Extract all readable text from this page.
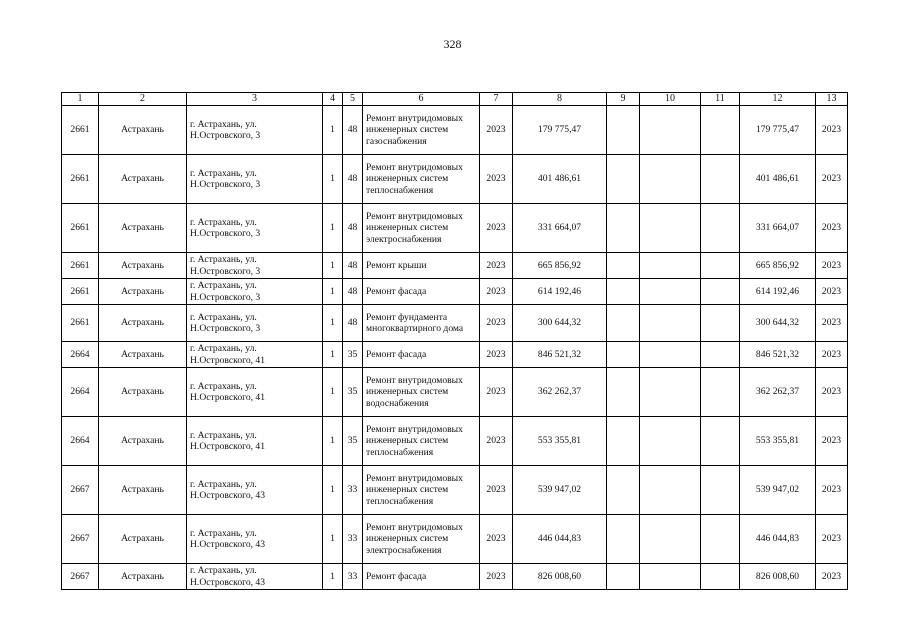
328
1	2	3	4	5	6	7	8	9	10	11	12	13
2661	Астрахань	г. Астрахань, ул. Н.Островского, 3	1	48	Ремонт внутридомовых инженерных систем газоснабжения	2023	179 775,47				179 775,47	2023
2661	Астрахань	г. Астрахань, ул. Н.Островского, 3	1	48	Ремонт внутридомовых инженерных систем теплоснабжения	2023	401 486,61				401 486,61	2023
2661	Астрахань	г. Астрахань, ул. Н.Островского, 3	1	48	Ремонт внутридомовых инженерных систем электроснабжения	2023	331 664,07				331 664,07	2023
2661	Астрахань	г. Астрахань, ул. Н.Островского, 3	1	48	Ремонт крыши	2023	665 856,92				665 856,92	2023
2661	Астрахань	г. Астрахань, ул. Н.Островского, 3	1	48	Ремонт фасада	2023	614 192,46				614 192,46	2023
2661	Астрахань	г. Астрахань, ул. Н.Островского, 3	1	48	Ремонт фундамента многоквартирного дома	2023	300 644,32				300 644,32	2023
2664	Астрахань	г. Астрахань, ул. Н.Островского, 41	1	35	Ремонт фасада	2023	846 521,32				846 521,32	2023
2664	Астрахань	г. Астрахань, ул. Н.Островского, 41	1	35	Ремонт внутридомовых инженерных систем водоснабжения	2023	362 262,37				362 262,37	2023
2664	Астрахань	г. Астрахань, ул. Н.Островского, 41	1	35	Ремонт внутридомовых инженерных систем теплоснабжения	2023	553 355,81				553 355,81	2023
2667	Астрахань	г. Астрахань, ул. Н.Островского, 43	1	33	Ремонт внутридомовых инженерных систем теплоснабжения	2023	539 947,02				539 947,02	2023
2667	Астрахань	г. Астрахань, ул. Н.Островского, 43	1	33	Ремонт внутридомовых инженерных систем электроснабжения	2023	446 044,83				446 044,83	2023
2667	Астрахань	г. Астрахань, ул. Н.Островского, 43	1	33	Ремонт фасада	2023	826 008,60				826 008,60	2023
